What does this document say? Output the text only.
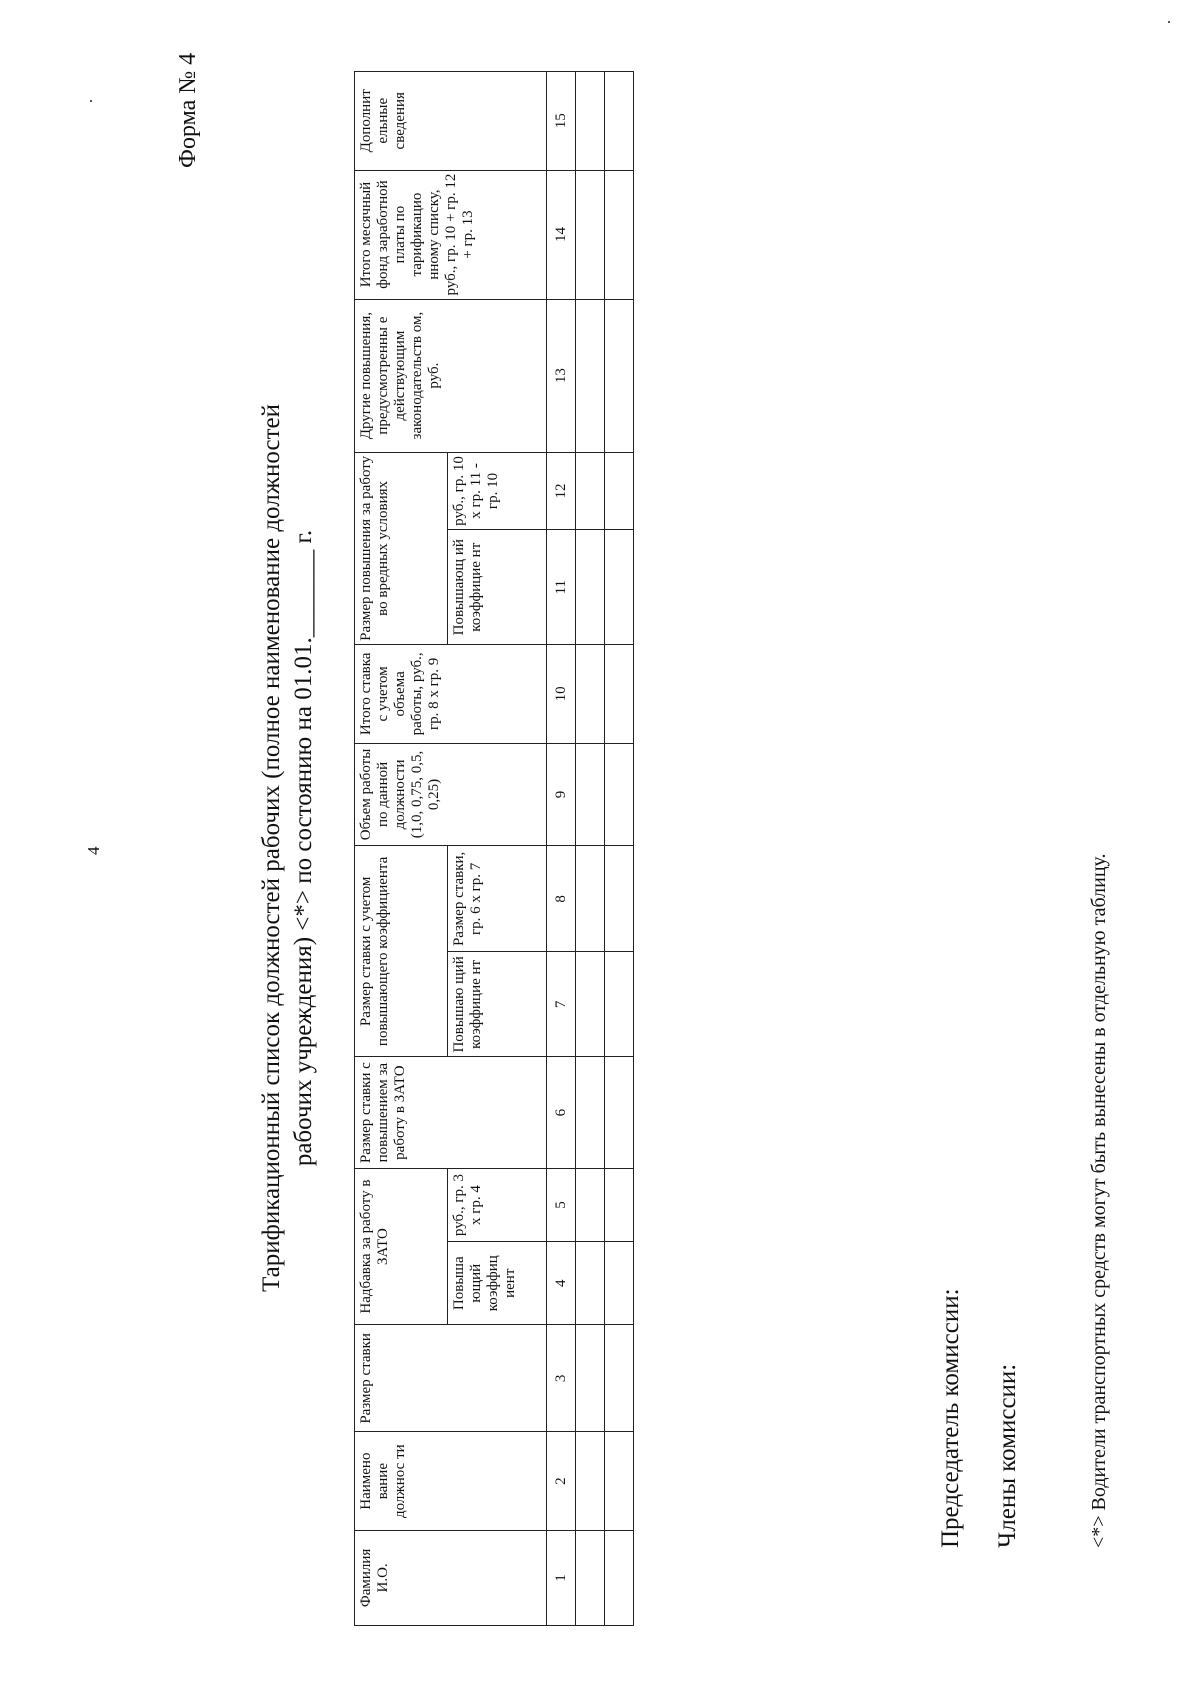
4
Форма № 4
Тарификационный список должностей рабочих (полное наименование должностей рабочих учреждения) <*> по состоянию на 01.01._______ г.
Фамилия И.О.	Наимено вание должнос ти	Размер ставки	Надбавка за работу в ЗАТО		Размер ставки с повышением за работу в ЗАТО	Размер ставки с учетом повышающего коэффициента		Объем работы по данной должности (1,0, 0,75, 0,5, 0,25)	Итого ставка с учетом объема работы, руб., гр. 8 х гр. 9	Размер повышения за работу во вредных условиях		Другие повышения, предусмотренны е действующим законодательств ом, руб.	Итого месячный фонд заработной платы по тарификацио нному списку, руб., гр. 10 + гр. 12 + гр. 13	Дополнит ельные сведения
			Повыша ющий коэффиц иент	руб., гр. 3 х гр. 4		Повышаю щий коэффицие нт	Размер ставки, гр. 6 х гр. 7			Повышающ ий коэффицие нт	руб., гр. 10 х гр. 11 - гр. 10			
1	2	3	4	5	6	7	8	9	10	11	12	13	14	15

Председатель комиссии: Члены комиссии:	<*> Водители транспортных средств могут быть вынесены в отдельную таблицу.
